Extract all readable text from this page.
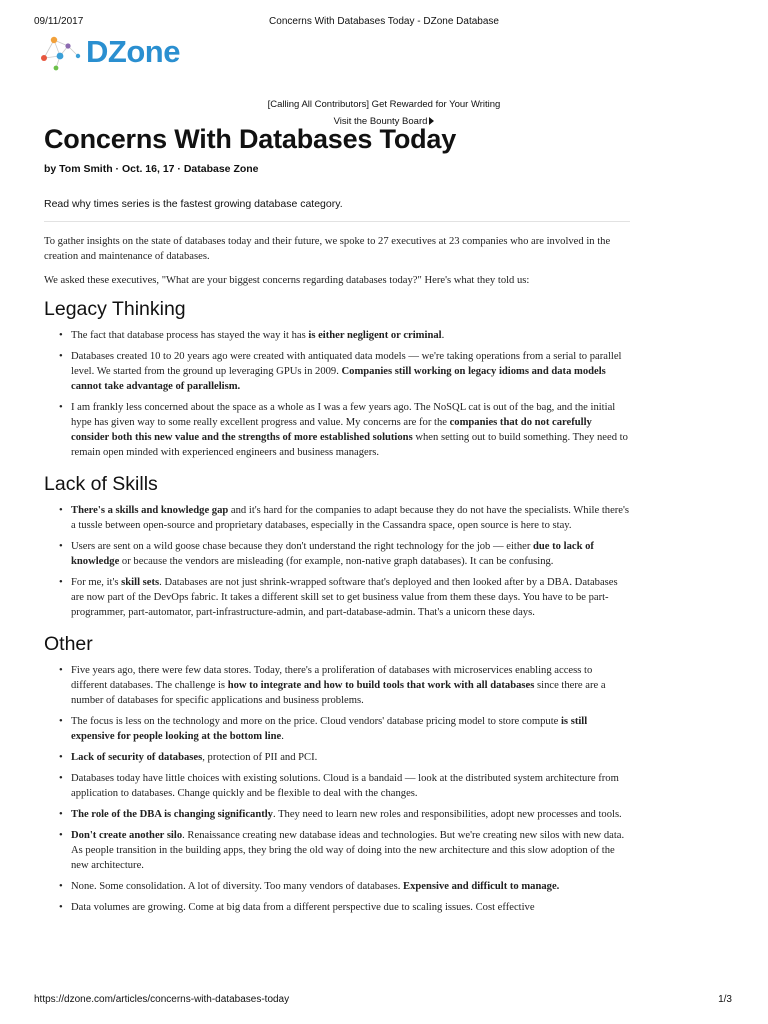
09/11/2017	Concerns With Databases Today - DZone Database
DZone
[Calling All Contributors] Get Rewarded for Your Writing
Visit the Bounty Board
Concerns With Databases Today
by Tom Smith · Oct. 16, 17 · Database Zone
Read why times series is the fastest growing database category.

To gather insights on the state of databases today and their future, we spoke to 27 executives at 23 companies who are involved in the creation and maintenance of databases.

We asked these executives, "What are your biggest concerns regarding databases today?" Here's what they told us:

Legacy Thinking
• The fact that database process has stayed the way it has is either negligent or criminal.
• Databases created 10 to 20 years ago were created with antiquated data models — we're taking operations from a serial to parallel level. We started from the ground up leveraging GPUs in 2009. Companies still working on legacy idioms and data models cannot take advantage of parallelism.
• I am frankly less concerned about the space as a whole as I was a few years ago. The NoSQL cat is out of the bag, and the initial hype has given way to some really excellent progress and value. My concerns are for the companies that do not carefully consider both this new value and the strengths of more established solutions when setting out to build something. They need to remain open minded with experienced engineers and business managers.
Lack of Skills
• There's a skills and knowledge gap and it's hard for the companies to adapt because they do not have the specialists. While there's a tussle between open-source and proprietary databases, especially in the Cassandra space, open source is here to stay.
• Users are sent on a wild goose chase because they don't understand the right technology for the job — either due to lack of knowledge or because the vendors are misleading (for example, non-native graph databases). It can be confusing.
• For me, it's skill sets. Databases are not just shrink-wrapped software that's deployed and then looked after by a DBA. Databases are now part of the DevOps fabric. It takes a different skill set to get business value from them these days. You have to be part-programmer, part-automator, part-infrastructure-admin, and part-database-admin. That's a unicorn these days.
Other
• Five years ago, there were few data stores. Today, there's a proliferation of databases with microservices enabling access to different databases. The challenge is how to integrate and how to build tools that work with all databases since there are a number of databases for specific applications and business problems.
• The focus is less on the technology and more on the price. Cloud vendors' database pricing model to store compute is still expensive for people looking at the bottom line.
• Lack of security of databases, protection of PII and PCI.
• Databases today have little choices with existing solutions. Cloud is a bandaid — look at the distributed system architecture from application to databases. Change quickly and be flexible to deal with the changes.
• The role of the DBA is changing significantly. They need to learn new roles and responsibilities, adopt new processes and tools.
• Don't create another silo. Renaissance creating new database ideas and technologies. But we're creating new silos with new data. As people transition in the building apps, they bring the old way of doing into the new architecture and this slow adoption of the new architecture.
• None. Some consolidation. A lot of diversity. Too many vendors of databases. Expensive and difficult to manage.
• Data volumes are growing. Come at big data from a different perspective due to scaling issues. Cost effective
https://dzone.com/articles/concerns-with-databases-today	1/3
